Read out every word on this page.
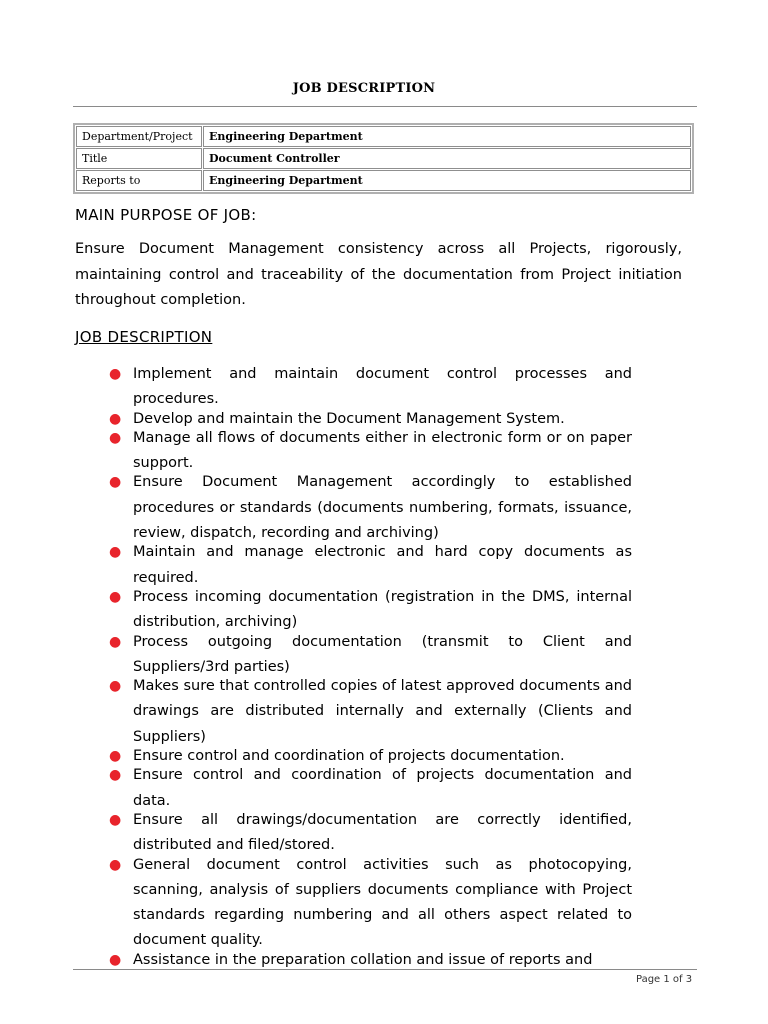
JOB DESCRIPTION
Department/Project	Engineering Department
Title	Document Controller
Reports to	Engineering Department
MAIN PURPOSE OF JOB:
Ensure Document Management consistency across all Projects, rigorously, maintaining control and traceability of the documentation from Project initiation throughout completion.
JOB DESCRIPTION
● Implement and maintain document control processes and procedures.
● Develop and maintain the Document Management System.
● Manage all flows of documents either in electronic form or on paper support.
● Ensure Document Management accordingly to established procedures or standards (documents numbering, formats, issuance, review, dispatch, recording and archiving)
● Maintain and manage electronic and hard copy documents as required.
● Process incoming documentation (registration in the DMS, internal distribution, archiving)
● Process outgoing documentation (transmit to Client and Suppliers/3rd parties)
● Makes sure that controlled copies of latest approved documents and drawings are distributed internally and externally (Clients and Suppliers)
● Ensure control and coordination of projects documentation.
● Ensure control and coordination of projects documentation and data.
● Ensure all drawings/documentation are correctly identified, distributed and filed/stored.
● General document control activities such as photocopying, scanning, analysis of suppliers documents compliance with Project standards regarding numbering and all others aspect related to document quality.
● Assistance in the preparation collation and issue of reports and
Page 1 of 3
